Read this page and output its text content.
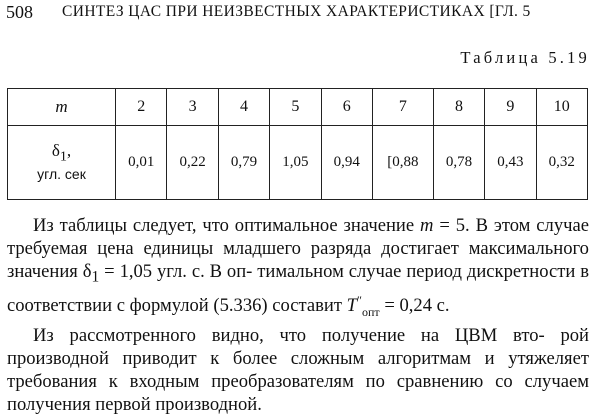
508 СИНТЕЗ ЦАС ПРИ НЕИЗВЕСТНЫХ ХАРАКТЕРИСТИКАХ [ГЛ. 5
Таблица 5.19
m	2	3	4	5	6	7	8	9	10

$\delta_1$,
угл. сек	0,01	0,22	0,79	1,05	0,94	[0,88	0,78	0,43	0,32

Из таблицы следует, что оптимальное значение m = 5. В этом случае требуемая цена единицы младшего разряда достигает максимального значения $\delta_1 = 1,05$ угл. с. В оп- тимальном случае период дискретности в соответствии с формулой (5.336) составит $T''_{опт} = 0,24$ с.

Из рассмотренного видно, что получение на ЦВМ вто- рой производной приводит к более сложным алгоритмам и утяжеляет требования к входным преобразователям по сравнению со случаем получения первой производной.
